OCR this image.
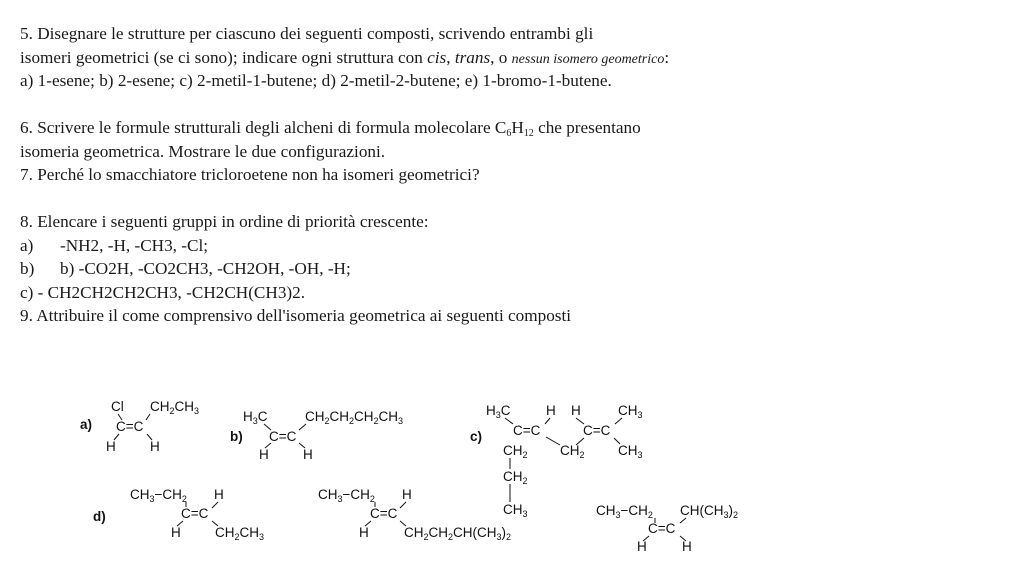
5. Disegnare le strutture per ciascuno dei seguenti composti, scrivendo entrambi gli
isomeri geometrici (se ci sono); indicare ogni struttura con cis, trans, o nessun isomero geometrico:
a) 1-esene; b) 2-esene; c) 2-metil-1-butene; d) 2-metil-2-butene; e) 1-bromo-1-butene.
6. Scrivere le formule strutturali degli alcheni di formula molecolare $C_6H_{12}$ che presentano
isomeria geometrica. Mostrare le due configurazioni.
7. Perché lo smacchiatore tricloroetene non ha isomeri geometrici?
8. Elencare i seguenti gruppi in ordine di priorità crescente:
a) -NH2, -H, -CH3, -Cl;
b) b) -CO2H, -CO2CH3, -CH2OH, -OH, -H;
c) - CH2CH2CH2CH3, -CH2CH(CH3)2.
9. Attribuire il come comprensivo dell'isomeria geometrica ai seguenti composti
a)
Cl $CH_2CH_3$
C=C
H	H
b)
$H_3C$	$CH_2CH_2CH_2CH_3$
C=C
H	H
c)
$H_3C$	H H	$CH_3$
C=C	C=C
$CH_2$ $CH_2$ $CH_3$
$CH_2$
$CH_3$
d)
$CH_3-CH_2$ H
C=C
H	$CH_2CH_3$
$CH_3-CH_2$ H
C=C
H	$CH_2CH_2CH(CH_3)_2$
$CH_3-CH_2$ $CH(CH_3)_2$
C=C
H	H
